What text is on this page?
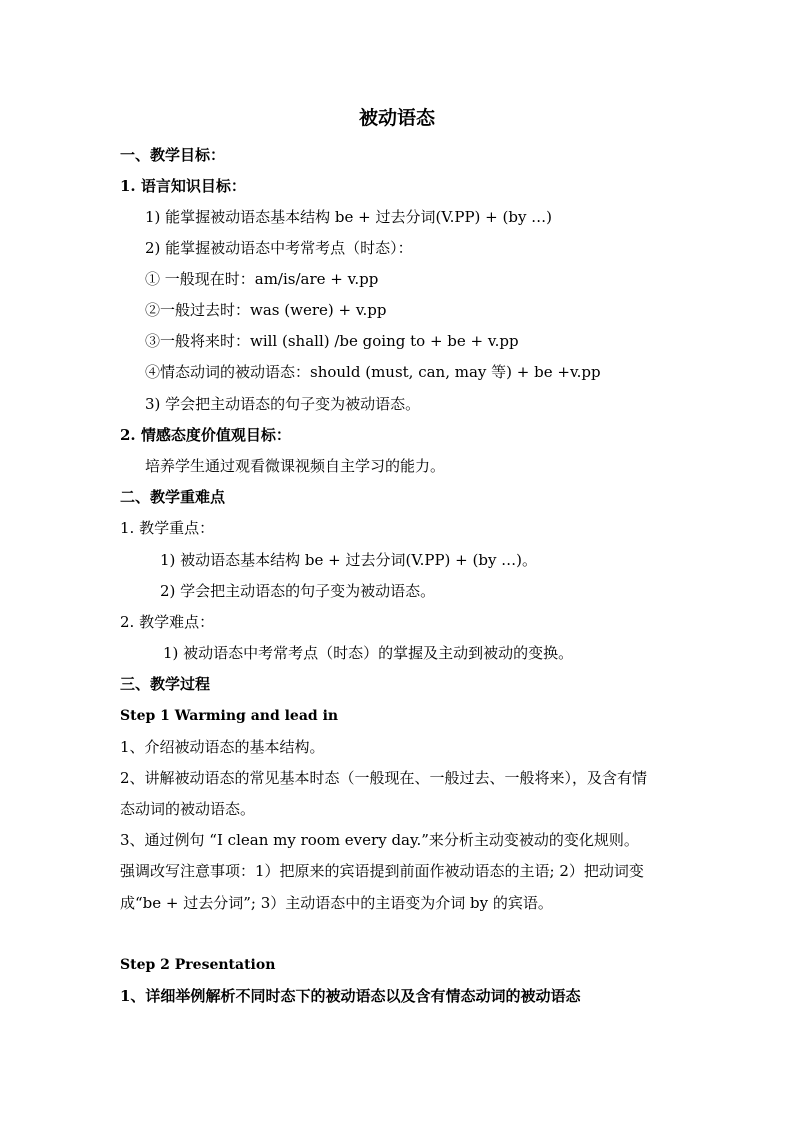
被动语态
一、教学目标：
1. 语言知识目标：
1) 能掌握被动语态基本结构 be + 过去分词(V.PP) + (by …)
2) 能掌握被动语态中考常考点（时态）：
① 一般现在时：am/is/are + v.pp
②一般过去时：was (were) + v.pp
③一般将来时：will (shall) /be going to + be + v.pp
④情态动词的被动语态：should (must, can, may 等) + be +v.pp
3) 学会把主动语态的句子变为被动语态。
2. 情感态度价值观目标：
培养学生通过观看微课视频自主学习的能力。
二、教学重难点
1. 教学重点：
1) 被动语态基本结构 be + 过去分词(V.PP) + (by …)。
2) 学会把主动语态的句子变为被动语态。
2. 教学难点：
1) 被动语态中考常考点（时态）的掌握及主动到被动的变换。
三、教学过程
Step 1 Warming and lead in
1、介绍被动语态的基本结构。
2、讲解被动语态的常见基本时态（一般现在、一般过去、一般将来），及含有情
态动词的被动语态。
3、通过例句 “I clean my room every day.”来分析主动变被动的变化规则。
强调改写注意事项：1）把原来的宾语提到前面作被动语态的主语; 2）把动词变
成“be + 过去分词”; 3）主动语态中的主语变为介词 by 的宾语。
Step 2 Presentation
1、详细举例解析不同时态下的被动语态以及含有情态动词的被动语态
